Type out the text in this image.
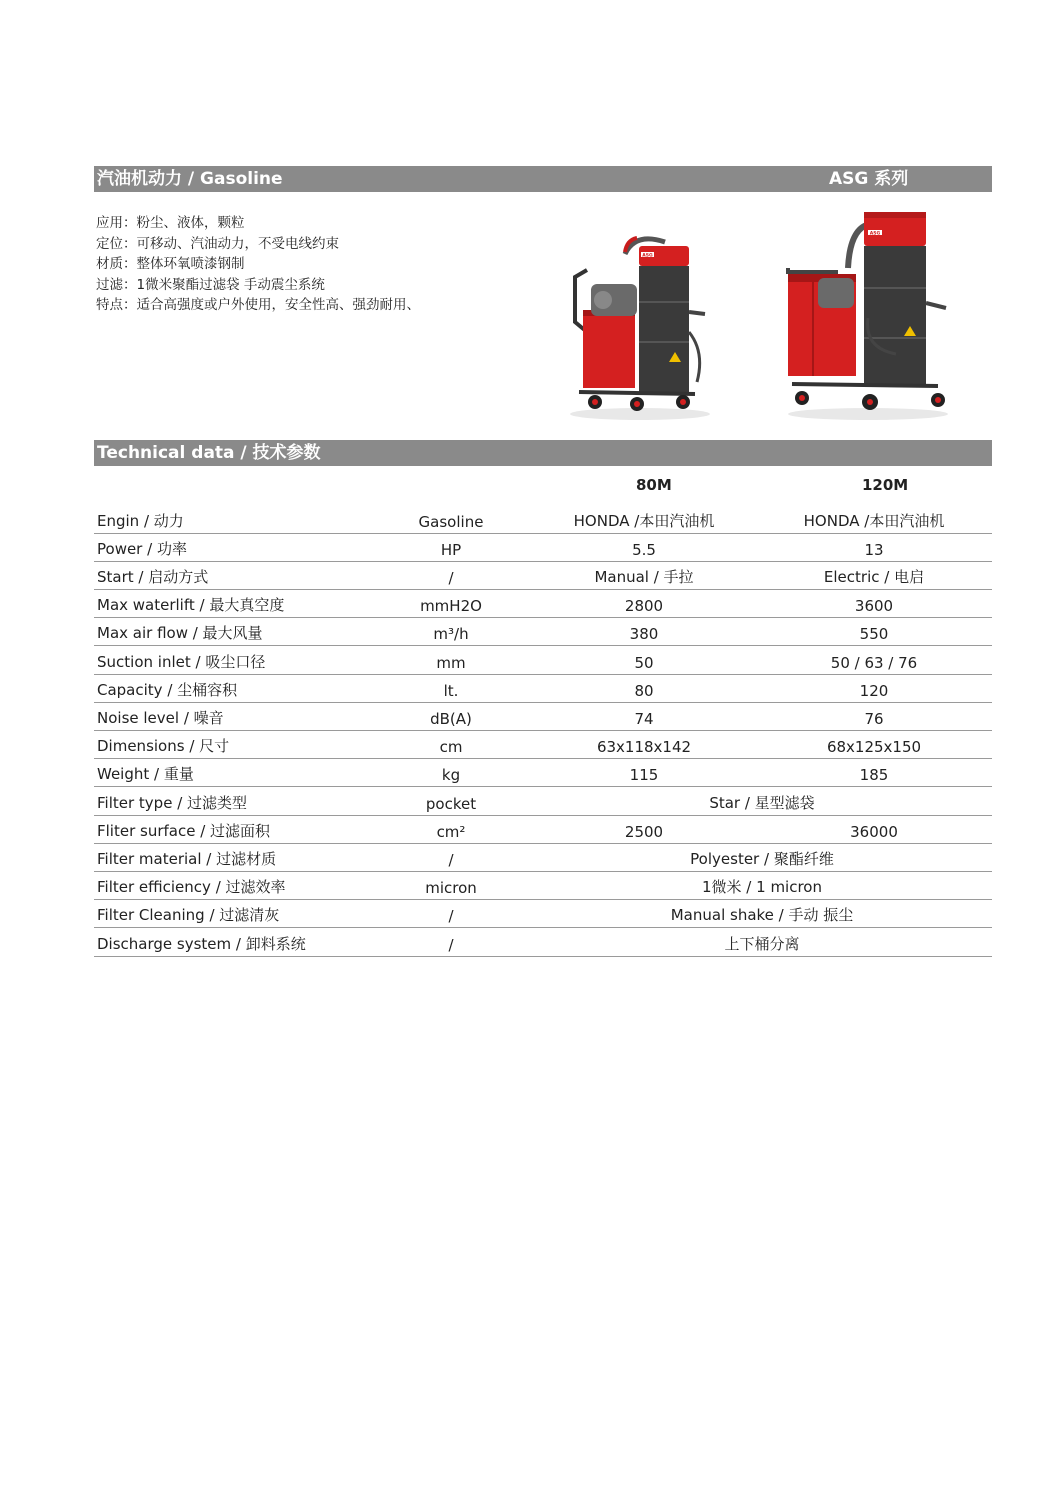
汽油机动力 / Gasoline	ASG 系列
应用：粉尘、液体，颗粒
定位：可移动、汽油动力，不受电线约束
材质：整体环氧喷漆钢制
过滤：1微米聚酯过滤袋 手动震尘系统
特点：适合高强度或户外使用，安全性高、强劲耐用、
ASG
ASG
Technical data / 技术参数
80M	120M
Engin / 动力	Gasoline	HONDA /本田汽油机	HONDA /本田汽油机
Power / 功率	HP	5.5	13
Start / 启动方式	/	Manual / 手拉	Electric / 电启
Max waterlift / 最大真空度	mmH2O	2800	3600
Max air flow / 最大风量	m³/h	380	550
Suction inlet / 吸尘口径	mm	50	50 / 63 / 76
Capacity / 尘桶容积	lt.	80	120
Noise level / 噪音	dB(A)	74	76
Dimensions / 尺寸	cm	63x118x142	68x125x150
Weight / 重量	kg	115	185
Filter type / 过滤类型	pocket	Star / 星型滤袋
Fliter surface / 过滤面积	cm²	2500	36000
Filter material / 过滤材质	/	Polyester / 聚酯纤维
Filter efficiency / 过滤效率	micron	1微米 / 1 micron
Filter Cleaning / 过滤清灰	/	Manual shake / 手动 振尘
Discharge system / 卸料系统	/	上下桶分离
